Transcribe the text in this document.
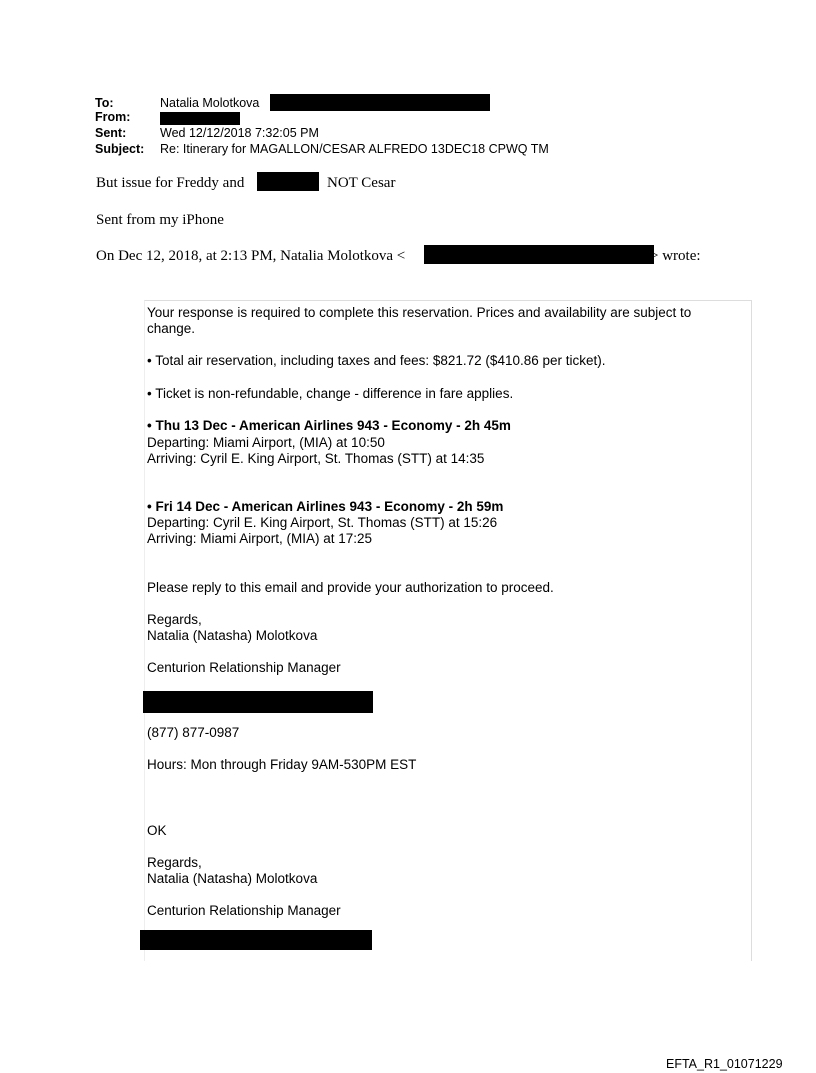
To:	Natalia Molotkova
From:
Sent:	Wed 12/12/2018 7:32:05 PM
Subject: Re: Itinerary for MAGALLON/CESAR ALFREDO 13DEC18 CPWQ TM
But issue for Freddy and	NOT Cesar
Sent from my iPhone
On Dec 12, 2018, at 2:13 PM, Natalia Molotkova <	> wrote:
Your response is required to complete this reservation. Prices and availability are subject to change.
• Total air reservation, including taxes and fees: $821.72 ($410.86 per ticket).
• Ticket is non-refundable, change - difference in fare applies.
• Thu 13 Dec - American Airlines 943 - Economy - 2h 45m
Departing: Miami Airport, (MIA) at 10:50
Arriving: Cyril E. King Airport, St. Thomas (STT) at 14:35
• Fri 14 Dec - American Airlines 943 - Economy - 2h 59m
Departing: Cyril E. King Airport, St. Thomas (STT) at 15:26
Arriving: Miami Airport, (MIA) at 17:25
Please reply to this email and provide your authorization to proceed.
Regards,
Natalia (Natasha) Molotkova
Centurion Relationship Manager
(877) 877-0987
Hours: Mon through Friday 9AM-530PM EST
OK
Regards,
Natalia (Natasha) Molotkova
Centurion Relationship Manager
EFTA_R1_01071229
